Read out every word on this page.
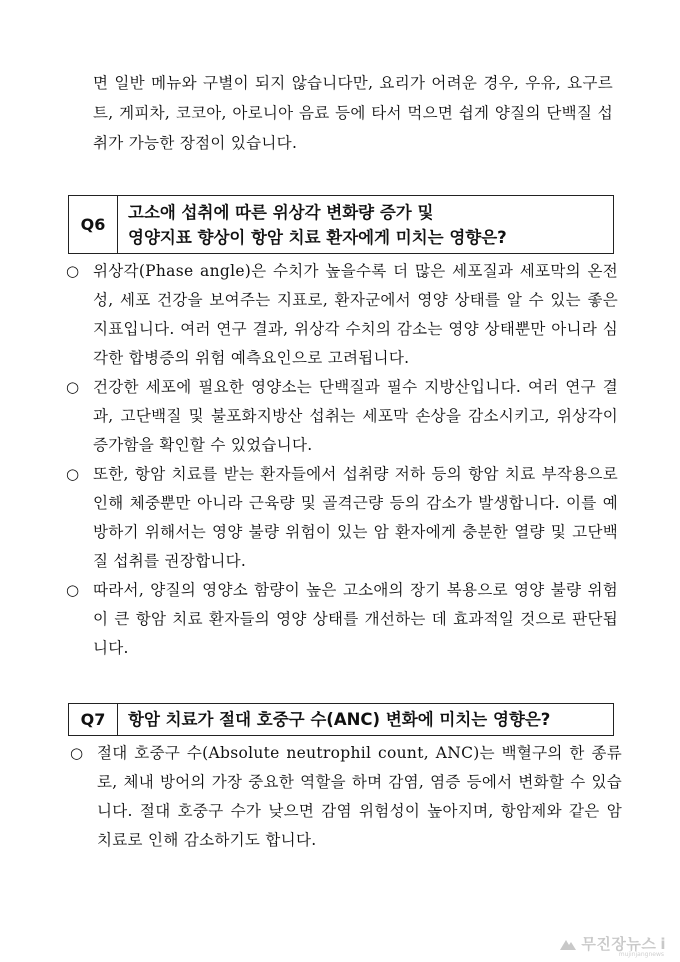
면 일반 메뉴와 구별이 되지 않습니다만, 요리가 어려운 경우, 우유, 요구르트, 게피차, 코코아, 아로니아 음료 등에 타서 먹으면 쉽게 양질의 단백질 섭취가 가능한 장점이 있습니다.

Q6
고소애 섭취에 따른 위상각 변화량 증가 및
영양지표 향상이 항암 치료 환자에게 미치는 영향은?
○ 위상각(Phase angle)은 수치가 높을수록 더 많은 세포질과 세포막의 온전성, 세포 건강을 보여주는 지표로, 환자군에서 영양 상태를 알 수 있는 좋은 지표입니다. 여러 연구 결과, 위상각 수치의 감소는 영양 상태뿐만 아니라 심각한 합병증의 위험 예측요인으로 고려됩니다.

○ 건강한 세포에 필요한 영양소는 단백질과 필수 지방산입니다. 여러 연구 결과, 고단백질 및 불포화지방산 섭취는 세포막 손상을 감소시키고, 위상각이 증가함을 확인할 수 있었습니다.

○ 또한, 항암 치료를 받는 환자들에서 섭취량 저하 등의 항암 치료 부작용으로 인해 체중뿐만 아니라 근육량 및 골격근량 등의 감소가 발생합니다. 이를 예방하기 위해서는 영양 불량 위험이 있는 암 환자에게 충분한 열량 및 고단백질 섭취를 권장합니다.

○ 따라서, 양질의 영양소 함량이 높은 고소애의 장기 복용으로 영양 불량 위험이 큰 항암 치료 환자들의 영양 상태를 개선하는 데 효과적일 것으로 판단됩니다.

Q7	항암 치료가 절대 호중구 수(ANC) 변화에 미치는 영향은?
○ 절대 호중구 수(Absolute neutrophil count, ANC)는 백혈구의 한 종류로, 체내 방어의 가장 중요한 역할을 하며 감염, 염증 등에서 변화할 수 있습니다. 절대 호중구 수가 낮으면 감염 위험성이 높아지며, 항암제와 같은 암 치료로 인해 감소하기도 합니다.

무진장뉴스 i
mujinjangnews
